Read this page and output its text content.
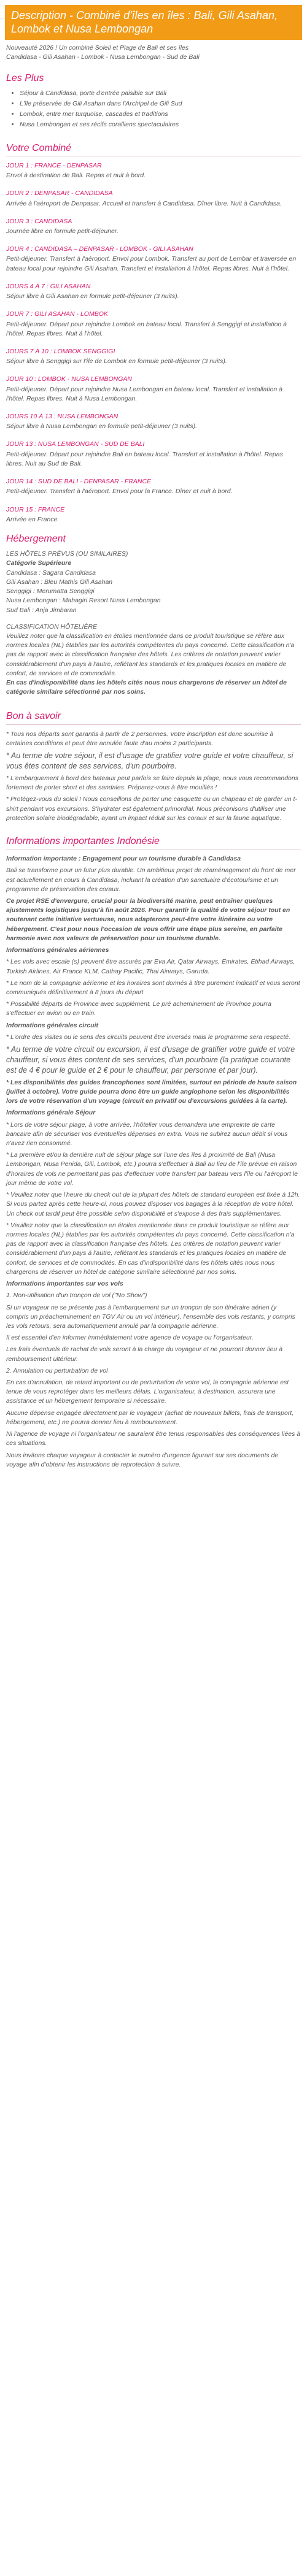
Description - Combiné d'îles en îles : Bali, Gili Asahan, Lombok et Nusa Lembongan
Nouveauté 2026 ! Un combiné Soleil et Plage de Bali et ses îles
Candidasa - Gili Asahan - Lombok - Nusa Lembongan - Sud de Bali
Les Plus
• Séjour à Candidasa, porte d'entrée paisible sur Bali
• L'île préservée de Gili Asahan dans l'Archipel de Gili Sud
• Lombok, entre mer turquoise, cascades et traditions
• Nusa Lembongan et ses récifs coralliens spectaculaires
Votre Combiné
JOUR 1 : FRANCE - DENPASAR
Envol à destination de Bali. Repas et nuit à bord.
JOUR 2 : DENPASAR - CANDIDASA
Arrivée à l'aéroport de Denpasar. Accueil et transfert à Candidasa. Dîner libre. Nuit à Candidasa.
JOUR 3 : CANDIDASA
Journée libre en formule petit-déjeuner.
JOUR 4 : CANDIDASA – DENPASAR - LOMBOK - GILI ASAHAN
Petit-déjeuner. Transfert à l'aéroport. Envol pour Lombok. Transfert au port de Lembar et traversée en bateau local pour rejoindre Gili Asahan. Transfert et installation à l'hôtel. Repas libres. Nuit à l'hôtel.
JOURS 4 À 7 : GILI ASAHAN
Séjour libre à Gili Asahan en formule petit-déjeuner (3 nuits).
JOUR 7 : GILI ASAHAN - LOMBOK
Petit-déjeuner. Départ pour rejoindre Lombok en bateau local. Transfert à Senggigi et installation à l'hôtel. Repas libres. Nuit à l'hôtel.
JOURS 7 À 10 : LOMBOK SENGGIGI
Séjour libre à Senggigi sur l'île de Lombok en formule petit-déjeuner (3 nuits).
JOUR 10 : LOMBOK - NUSA LEMBONGAN
Petit-déjeuner. Départ pour rejoindre Nusa Lembongan en bateau local. Transfert et installation à l'hôtel. Repas libres. Nuit à Nusa Lembongan.
JOURS 10 À 13 : NUSA LEMBONGAN
Séjour libre à Nusa Lembongan en formule petit-déjeuner (3 nuits).
JOUR 13 : NUSA LEMBONGAN - SUD DE BALI
Petit-déjeuner. Départ pour rejoindre Bali en bateau local. Transfert et installation à l'hôtel. Repas libres. Nuit au Sud de Bali.
JOUR 14 : SUD DE BALI - DENPASAR - FRANCE
Petit-déjeuner. Transfert à l'aéroport. Envol pour la France. Dîner et nuit à bord.
JOUR 15 : FRANCE
Arrivée en France.
Hébergement

LES HÔTELS PRÉVUS (OU SIMILAIRES)

Catégorie Supérieure

Candidasa : Sagara Candidasa

Gili Asahan : Bleu Mathis Gili Asahan

Senggigi : Merumatta Senggigi

Nusa Lembongan : Mahagiri Resort Nusa Lembongan

Sud Bali : Anja Jimbaran

CLASSIFICATION HÔTELIÈRE

Veuillez noter que la classification en étoiles mentionnée dans ce produit touristique se réfère aux normes locales (NL) établies par les autorités compétentes du pays concerné. Cette classification n'a pas de rapport avec la classification française des hôtels. Les critères de notation peuvent varier considérablement d'un pays à l'autre, reflétant les standards et les pratiques locales en matière de confort, de services et de commodités.

En cas d'indisponibilité dans les hôtels cités nous nous chargerons de réserver un hôtel de catégorie similaire sélectionné par nos soins.

Bon à savoir

* Tous nos départs sont garantis à partir de 2 personnes. Votre inscription est donc soumise à certaines conditions et peut être annulée faute d'au moins 2 participants.

* Au terme de votre séjour, il est d'usage de gratifier votre guide et votre chauffeur, si vous êtes content de ses services, d'un pourboire.

* L'embarquement à bord des bateaux peut parfois se faire depuis la plage, nous vous recommandons fortement de porter short et des sandales. Préparez-vous à être mouillés !

* Protégez-vous du soleil ! Nous conseillons de porter une casquette ou un chapeau et de garder un t-shirt pendant vos excursions. S'hydrater est également primordial. Nous préconisons d'utiliser une protection solaire biodégradable, ayant un impact réduit sur les coraux et sur la faune aquatique.

Informations importantes Indonésie

Information importante : Engagement pour un tourisme durable à Candidasa

Bali se transforme pour un futur plus durable. Un ambitieux projet de réaménagement du front de mer est actuellement en cours à Candidasa, incluant la création d'un sanctuaire d'écotourisme et un programme de préservation des coraux.

Ce projet RSE d'envergure, crucial pour la biodiversité marine, peut entraîner quelques ajustements logistiques jusqu'à fin août 2026. Pour garantir la qualité de votre séjour tout en soutenant cette initiative vertueuse, nous adapterons peut-être votre itinéraire ou votre hébergement. C'est pour nous l'occasion de vous offrir une étape plus sereine, en parfaite harmonie avec nos valeurs de préservation pour un tourisme durable.

Informations générales aériennes

* Les vols avec escale (s) peuvent être assurés par Eva Air, Qatar Airways, Emirates, Etihad Airways, Turkish Airlines, Air France KLM, Cathay Pacific, Thai Airways, Garuda.

* Le nom de la compagnie aérienne et les horaires sont donnés à titre purement indicatif et vous seront communiqués définitivement à 8 jours du départ

* Possibilité départs de Province avec supplément. Le pré acheminement de Province pourra s'effectuer en avion ou en train.

Informations générales circuit

* L'ordre des visites ou le sens des circuits peuvent être inversés mais le programme sera respecté.

* Au terme de votre circuit ou excursion, il est d'usage de gratifier votre guide et votre chauffeur, si vous êtes content de ses services, d'un pourboire (la pratique courante est de 4 € pour le guide et 2 € pour le chauffeur, par personne et par jour).

* Les disponibilités des guides francophones sont limitées, surtout en période de haute saison (juillet à octobre). Votre guide pourra donc être un guide anglophone selon les disponibilités lors de votre réservation d'un voyage (circuit en privatif ou d'excursions guidées à la carte).

Informations générale Séjour

* Lors de votre séjour plage, à votre arrivée, l'hôtelier vous demandera une empreinte de carte bancaire afin de sécuriser vos éventuelles dépenses en extra. Vous ne subirez aucun débit si vous n'avez rien consommé.

* La première et/ou la dernière nuit de séjour plage sur l'une des îles à proximité de Bali (Nusa Lembongan, Nusa Penida, Gili, Lombok, etc.) pourra s'effectuer à Bali au lieu de l'île prévue en raison d'horaires de vols ne permettant pas pas d'effectuer votre transfert par bateau vers l'île ou l'aéroport le jour même de votre vol.

* Veuillez noter que l'heure du check out de la plupart des hôtels de standard européen est fixée à 12h. Si vous partez après cette heure-ci, nous pouvez disposer vos bagages à la réception de votre hôtel. Un check out tardif peut être possible selon disponibilité et s'expose à des frais supplémentaires.

* Veuillez noter que la classification en étoiles mentionnée dans ce produit touristique se réfère aux normes locales (NL) établies par les autorités compétentes du pays concerné. Cette classification n'a pas de rapport avec la classification française des hôtels. Les critères de notation peuvent varier considérablement d'un pays à l'autre, reflétant les standards et les pratiques locales en matière de confort, de services et de commodités. En cas d'indisponibilité dans les hôtels cités nous nous chargerons de réserver un hôtel de catégorie similaire sélectionné par nos soins.

Informations importantes sur vos vols

1. Non-utilisation d'un tronçon de vol ("No Show")

Si un voyageur ne se présente pas à l'embarquement sur un tronçon de son itinéraire aérien (y compris un préacheminement en TGV Air ou un vol intérieur), l'ensemble des vols restants, y compris les vols retours, sera automatiquement annulé par la compagnie aérienne.

Il est essentiel d'en informer immédiatement votre agence de voyage ou l'organisateur.

Les frais éventuels de rachat de vols seront à la charge du voyageur et ne pourront donner lieu à remboursement ultérieur.

2. Annulation ou perturbation de vol

En cas d'annulation, de retard important ou de perturbation de votre vol, la compagnie aérienne est tenue de vous reprotéger dans les meilleurs délais. L'organisateur, à destination, assurera une assistance et un hébergement temporaire si nécessaire.

Aucune dépense engagée directement par le voyageur (achat de nouveaux billets, frais de transport, hébergement, etc.) ne pourra donner lieu à remboursement.

Ni l'agence de voyage ni l'organisateur ne sauraient être tenus responsables des conséquences liées à ces situations.

Nous invitons chaque voyageur à contacter le numéro d'urgence figurant sur ses documents de voyage afin d'obtenir les instructions de reprotection à suivre.
